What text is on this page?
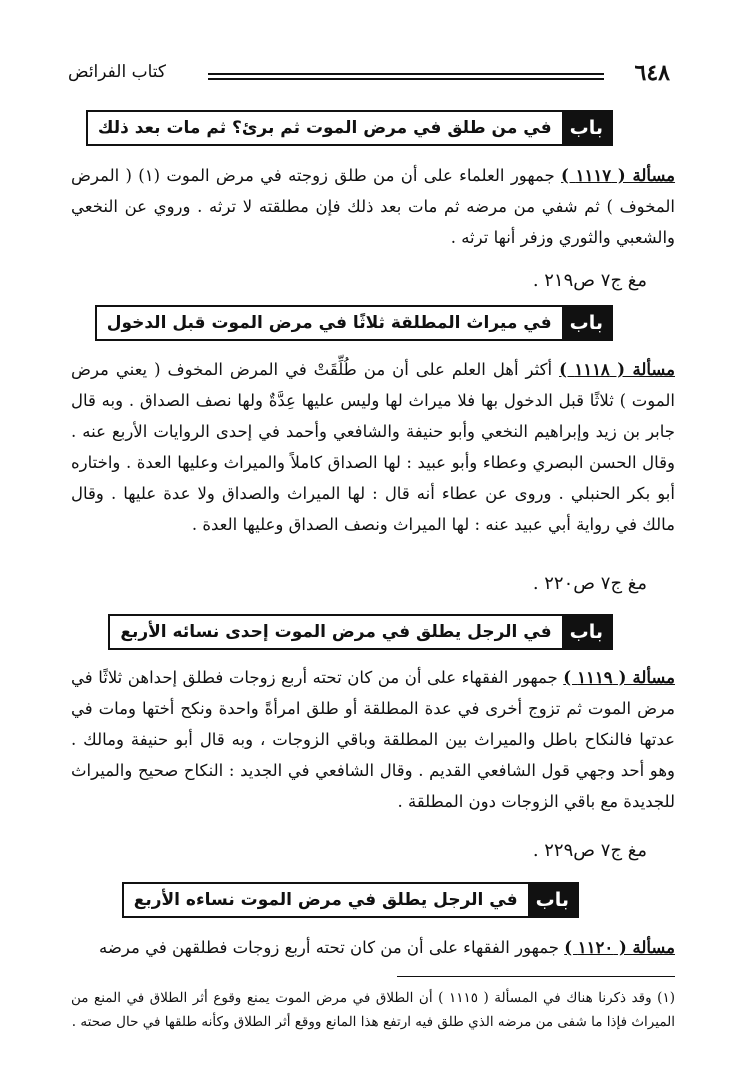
٦٤٨
كتاب الفرائض
باب
في من طلق في مرض الموت ثم برئ؟ ثم مات بعد ذلك
مسألة ( ١١١٧ ) جمهور العلماء على أن من طلق زوجته في مرض الموت (١) ( المرض المخوف ) ثم شفي من مرضه ثم مات بعد ذلك فإن مطلقته لا ترثه . وروي عن النخعي والشعبي والثوري وزفر أنها ترثه .
مغ ج٧ ص٢١٩ .
باب
في ميراث المطلقة ثلاثًا في مرض الموت قبل الدخول
مسألة ( ١١١٨ ) أكثر أهل العلم على أن من طُلِّقَتْ في المرض المخوف ( يعني مرض الموت ) ثلاثًا قبل الدخول بها فلا ميراث لها وليس عليها عِدَّةٌ ولها نصف الصداق . وبه قال جابر بن زيد وإبراهيم النخعي وأبو حنيفة والشافعي وأحمد في إحدى الروايات الأربع عنه . وقال الحسن البصري وعطاء وأبو عبيد : لها الصداق كاملاً والميراث وعليها العدة . واختاره أبو بكر الحنبلي . وروى عن عطاء أنه قال : لها الميراث والصداق ولا عدة عليها . وقال مالك في رواية أبي عبيد عنه : لها الميراث ونصف الصداق وعليها العدة .
مغ ج٧ ص٢٢٠ .
باب
في الرجل يطلق في مرض الموت إحدى نسائه الأربع
مسألة ( ١١١٩ ) جمهور الفقهاء على أن من كان تحته أربع زوجات فطلق إحداهن ثلاثًا في مرض الموت ثم تزوج أخرى في عدة المطلقة أو طلق امرأةً واحدة ونكح أختها ومات في عدتها فالنكاح باطل والميراث بين المطلقة وباقي الزوجات ، وبه قال أبو حنيفة ومالك . وهو أحد وجهي قول الشافعي القديم . وقال الشافعي في الجديد : النكاح صحيح والميراث للجديدة مع باقي الزوجات دون المطلقة .
مغ ج٧ ص٢٢٩ .
باب
في الرجل يطلق في مرض الموت نساءه الأربع
مسألة ( ١١٢٠ ) جمهور الفقهاء على أن من كان تحته أربع زوجات فطلقهن في مرضه
(١) وقد ذكرنا هناك في المسألة ( ١١١٥ ) أن الطلاق في مرض الموت يمنع وقوع أثر الطلاق في المنع من الميراث فإذا ما شفى من مرضه الذي طلق فيه ارتفع هذا المانع ووقع أثر الطلاق وكأنه طلقها في حال صحته .
